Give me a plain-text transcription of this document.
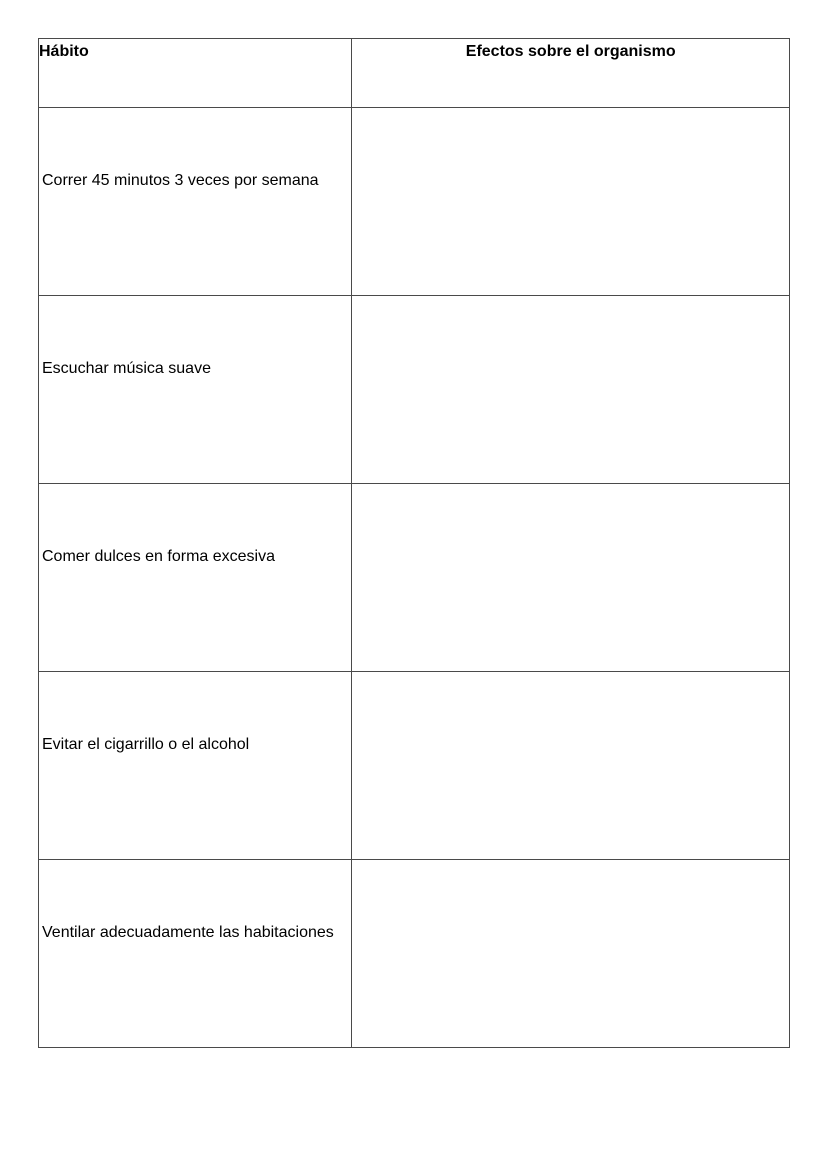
Hábito	Efectos sobre el organismo
Correr 45 minutos 3 veces por semana	
Escuchar música suave	
Comer dulces en forma excesiva	
Evitar el cigarrillo o el alcohol	
Ventilar adecuadamente las habitaciones	
